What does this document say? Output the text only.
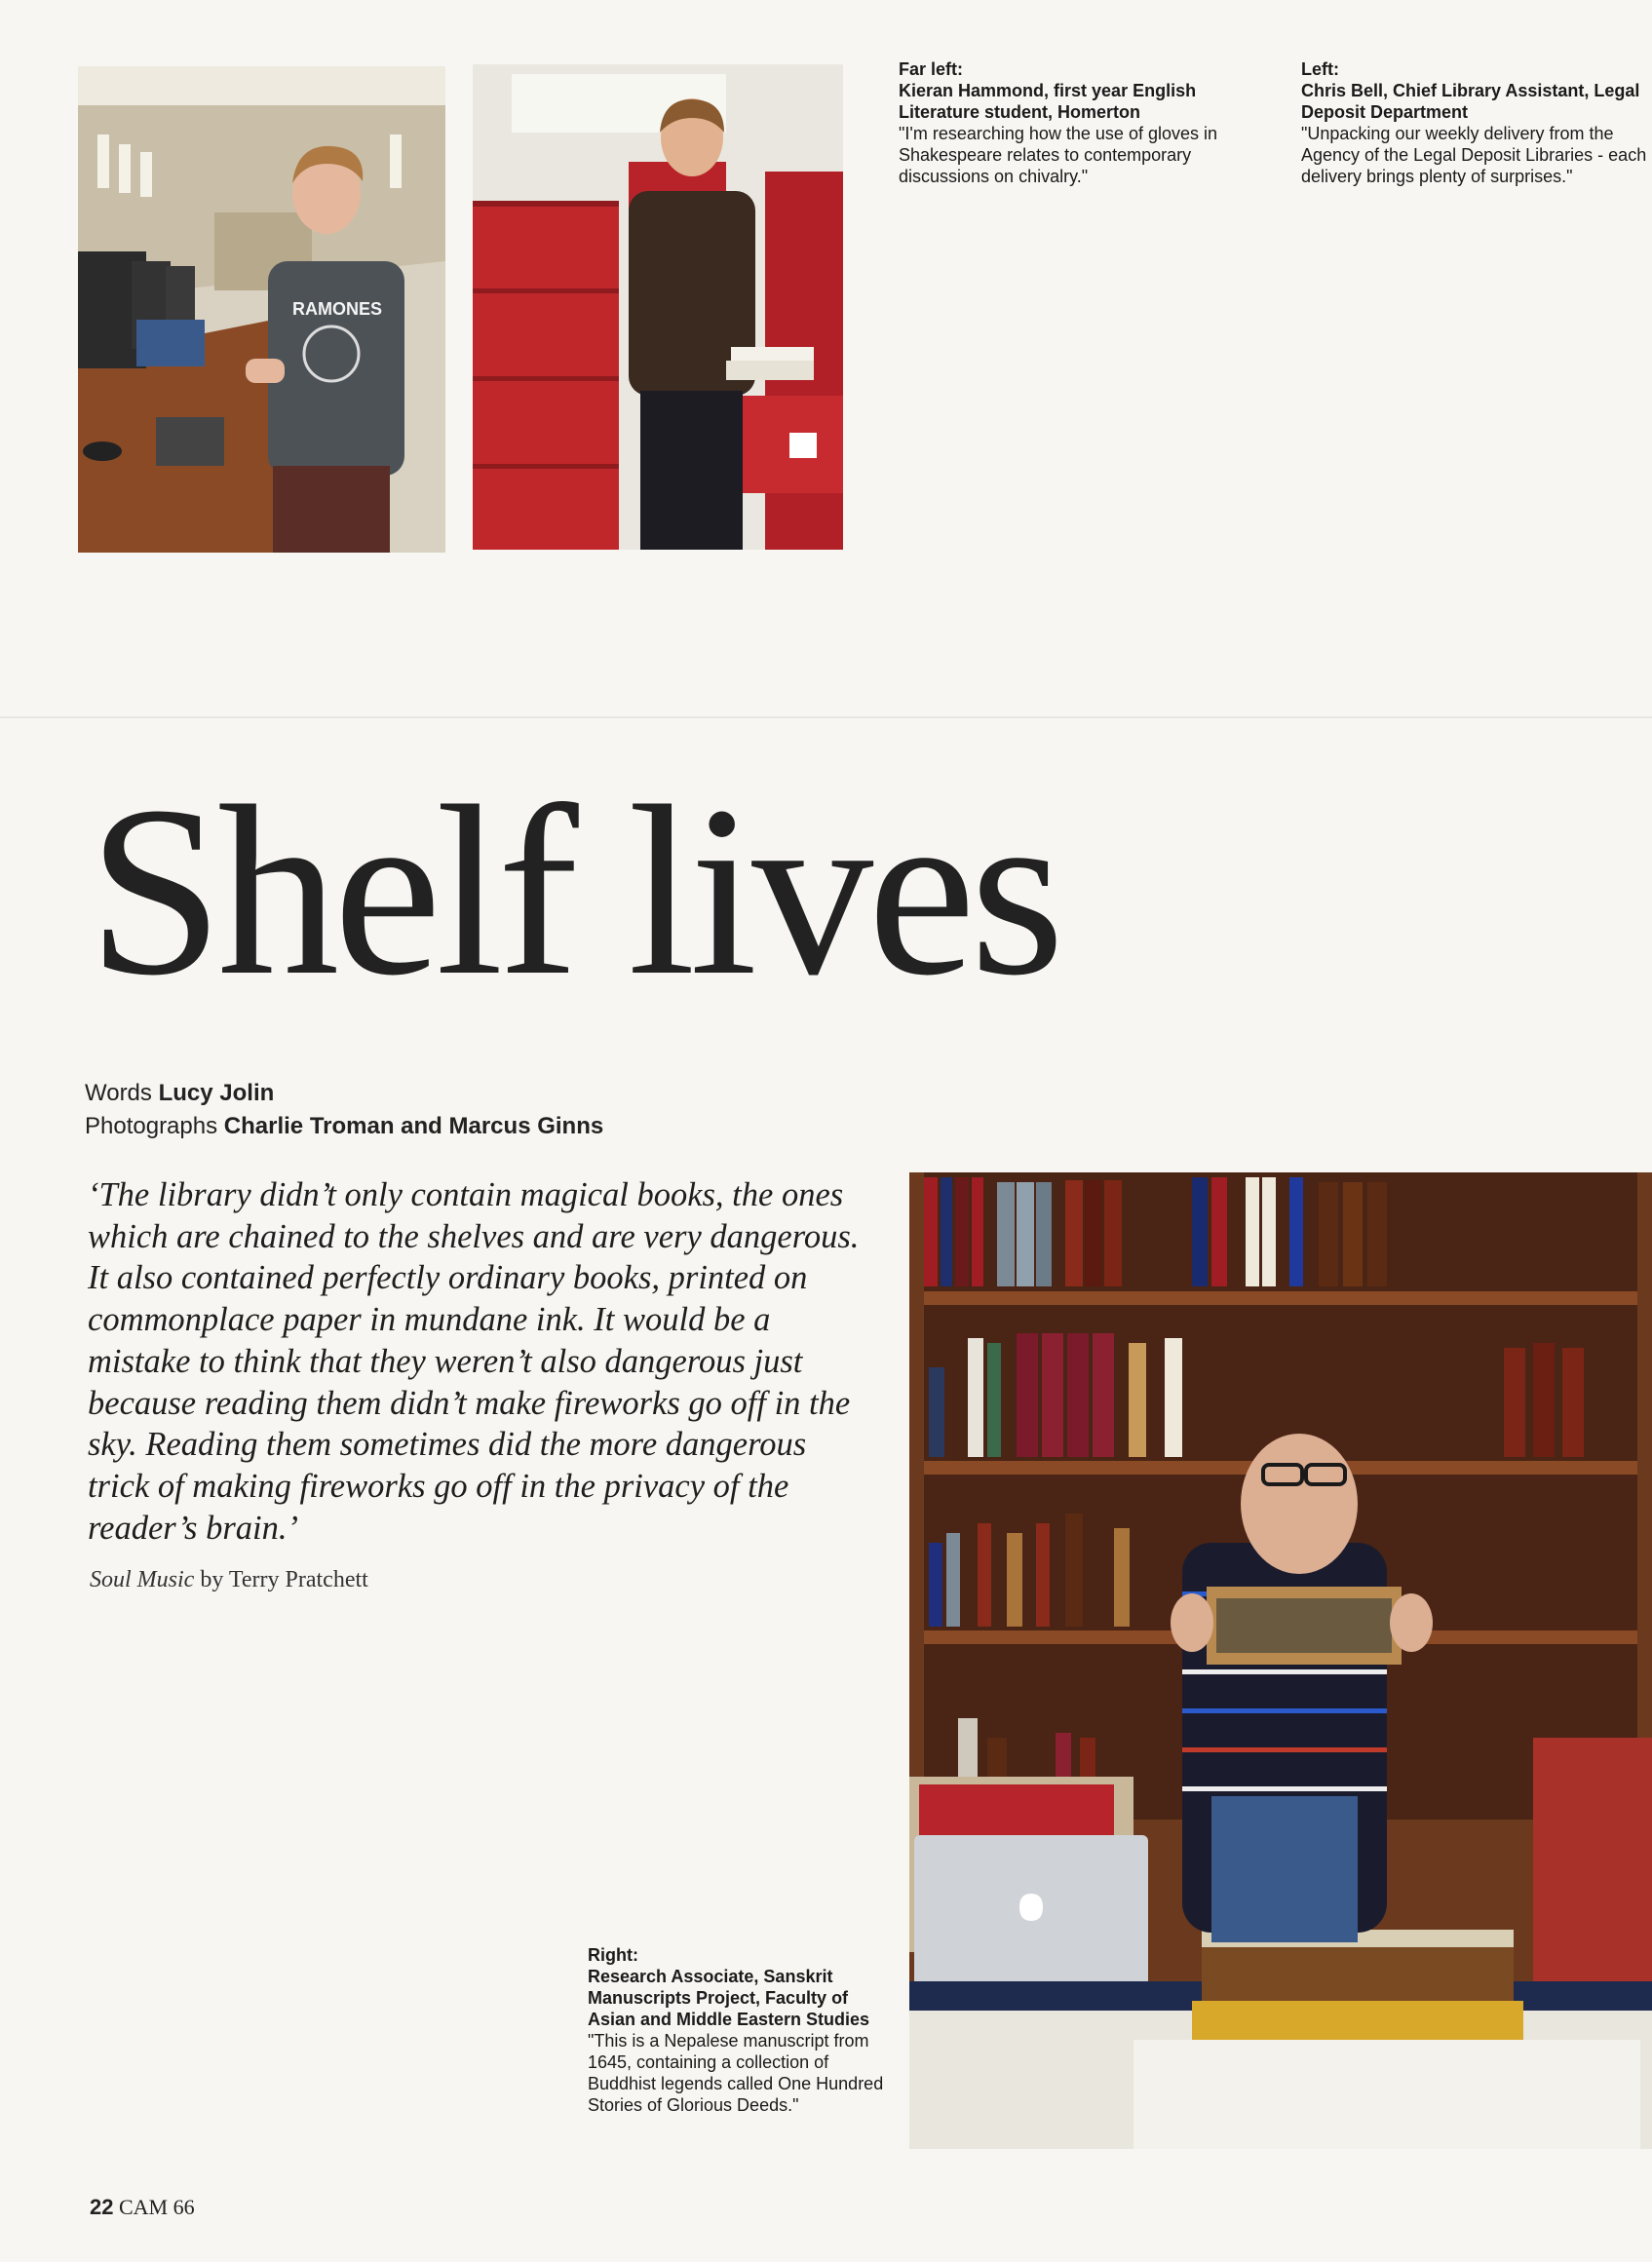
RAMONES
Far left:
Kieran Hammond, first year English Literature student, Homerton
"I'm researching how the use of gloves in Shakespeare relates to contemporary discussions on chivalry."
Left:
Chris Bell, Chief Library Assistant, Legal Deposit Department
"Unpacking our weekly delivery from the Agency of the Legal Deposit Libraries - each delivery brings plenty of surprises."
Shelf lives
Words Lucy Jolin
Photographs Charlie Troman and Marcus Ginns
‘The library didn’t only contain magical books, the ones which are chained to the shelves and are very dangerous. It also contained perfectly ordinary books, printed on commonplace paper in mundane ink. It would be a mistake to think that they weren’t also dangerous just because reading them didn’t make fireworks go off in the sky. Reading them sometimes did the more dangerous trick of making fireworks go off in the privacy of the reader’s brain.’
Soul Music by Terry Pratchett
Right:
Research Associate, Sanskrit Manuscripts Project, Faculty of Asian and Middle Eastern Studies
"This is a Nepalese manuscript from 1645, containing a collection of Buddhist legends called One Hundred Stories of Glorious Deeds."
22 CAM 66
